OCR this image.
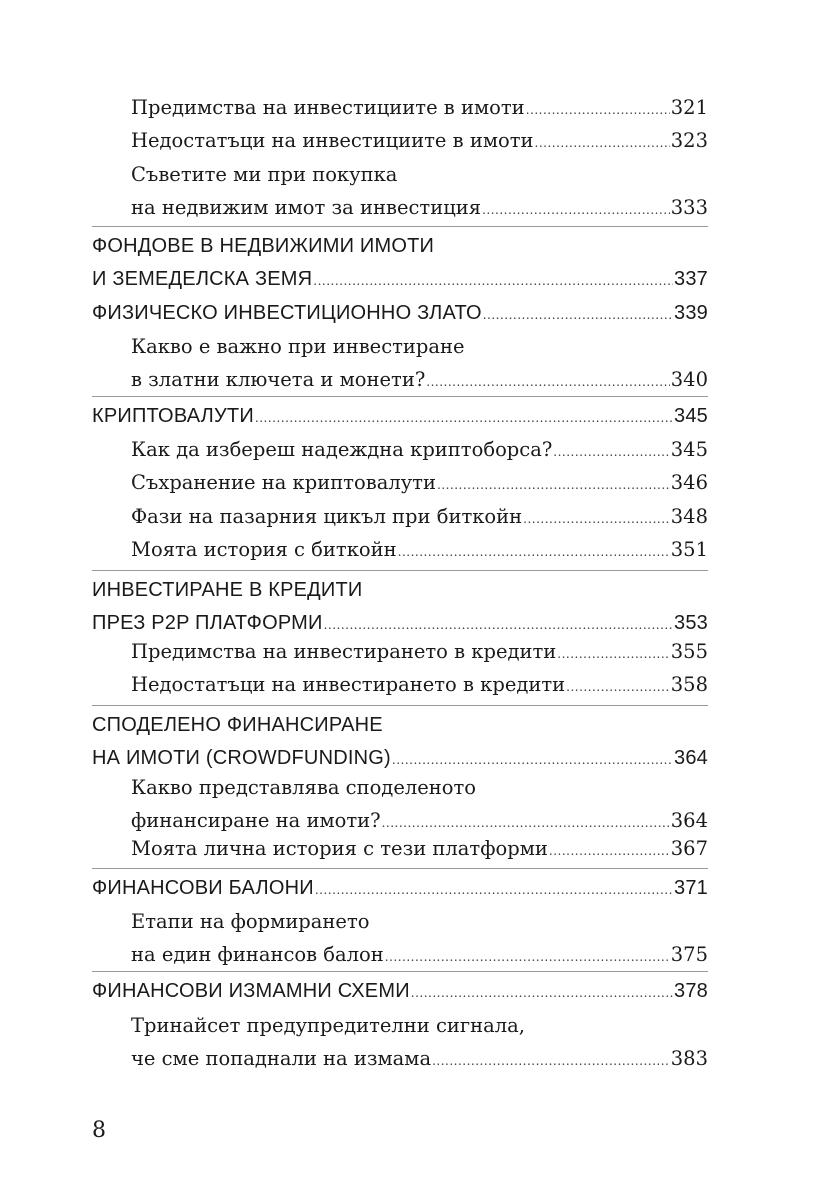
Предимства на инвестициите в имоти .....	321
Недостатъци на инвестициите в имоти .....	323
Съветите ми при покупка
на недвижим имот за инвестиция .....	333
ФОНДОВЕ В НЕДВИЖИМИ ИМОТИ
И ЗЕМЕДЕЛСКА ЗЕМЯ .....	337
ФИЗИЧЕСКО ИНВЕСТИЦИОННО ЗЛАТО .....	339
Какво е важно при инвестиране
в златни ключета и монети? .....	340
КРИПТОВАЛУТИ .....	345
Как да избереш надеждна криптоборса? .....	345
Съхранение на криптовалути .....	346
Фази на пазарния цикъл при биткойн .....	348
Моята история с биткойн .....	351
ИНВЕСТИРАНЕ В КРЕДИТИ
ПРЕЗ P2P ПЛАТФОРМИ .....	353
Предимства на инвестирането в кредити .....	355
Недостатъци на инвестирането в кредити .....	358
СПОДЕЛЕНО ФИНАНСИРАНЕ
НА ИМОТИ (CROWDFUNDING) .....	364
Какво представлява споделеното
финансиране на имоти? .....	364
Моята лична история с тези платформи .....	367
ФИНАНСОВИ БАЛОНИ .....	371
Етапи на формирането
на един финансов балон .....	375
ФИНАНСОВИ ИЗМАМНИ СХЕМИ .....	378
Тринайсет предупредителни сигнала,
че сме попаднали на измама .....	383
8
